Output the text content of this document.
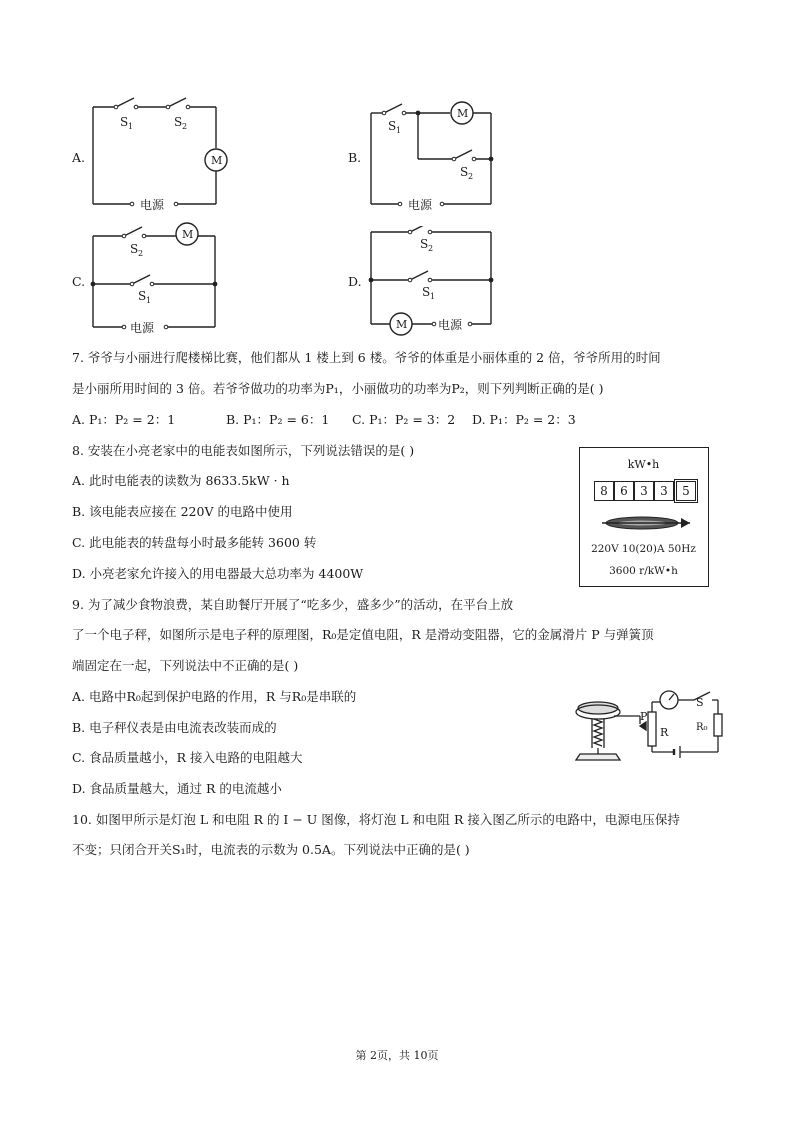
A.	B.
C.	D.
S 1	S 2
M
电源
S 1
S 2
M
电源
S 2
S 1
M
电源
S 2
S 1
M	电源
7. 爷爷与小丽进行爬楼梯比赛，他们都从 1 楼上到 6 楼。爷爷的体重是小丽体重的 2 倍，爷爷所用的时间
是小丽所用时间的 3 倍。若爷爷做功的功率为P₁，小丽做功的功率为P₂，则下列判断正确的是( )
A. P₁：P₂ = 2：1	B. P₁：P₂ = 6：1 C. P₁：P₂ = 3：2 D. P₁：P₂ = 2：3
8. 安装在小亮老家中的电能表如图所示，下列说法错误的是( )
A. 此时电能表的读数为 8633.5kW · h
B. 该电能表应接在 220V 的电路中使用
C. 此电能表的转盘每小时最多能转 3600 转
D. 小亮老家允许接入的用电器最大总功率为 4400W
kW•h
8	6	3	3	5
220V 10(20)A 50Hz
3600 r/kW•h
9. 为了减少食物浪费，某自助餐厅开展了“吃多少，盛多少”的活动，在平台上放
了一个电子秤，如图所示是电子秤的原理图，R₀是定值电阻，R 是滑动变阻器，它的金属滑片 P 与弹簧顶
端固定在一起，下列说法中不正确的是( )
A. 电路中R₀起到保护电路的作用，R 与R₀是串联的
B. 电子秤仪表是由电流表改装而成的
C. 食品质量越小，R 接入电路的电阻越大
D. 食品质量越大，通过 R 的电流越小
P
R
S
R₀
10. 如图甲所示是灯泡 L 和电阻 R 的 I − U 图像，将灯泡 L 和电阻 R 接入图乙所示的电路中，电源电压保持
不变；只闭合开关S₁时，电流表的示数为 0.5A。下列说法中正确的是( )
第 2页，共 10页
